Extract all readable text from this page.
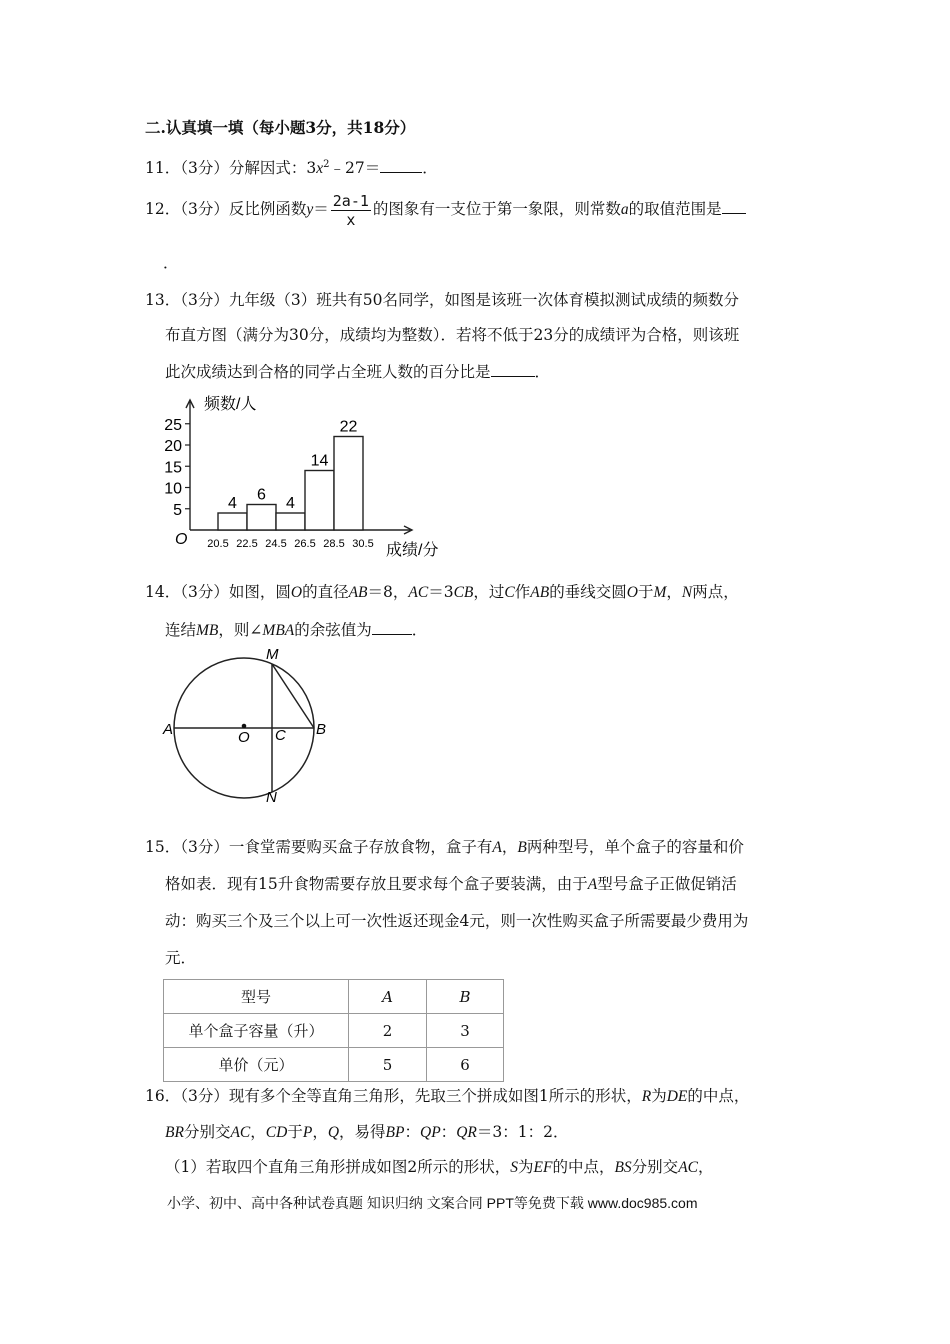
二.认真填一填（每小题3分，共18分）
11．（3分）分解因式：$3x^2﹣27=$	．
12．（3分）反比例函数$y= \frac{2a-1}{x}$ 的图象有一支位于第一象限，则常数a的取值范围是
．
13．（3分）九年级（3）班共有50名同学，如图是该班一次体育模拟测试成绩的频数分
布直方图（满分为30分，成绩均为整数）．若将不低于23分的成绩评为合格，则该班
此次成绩达到合格的同学占全班人数的百分比是	．
频数/人
成绩/分
O
5
10
15
20
25
20.5 22.5 24.5 26.5 28.5 30.5
4 6 4
14
22
14．（3分）如图，圆O的直径AB＝8，AC＝3CB，过C作AB的垂线交圆O于M，N两点，
连结MB，则∠MBA的余弦值为	．
M
A	O C B
N
15．（3分）一食堂需要购买盒子存放食物，盒子有A，B两种型号，单个盒子的容量和价
格如表．现有15升食物需要存放且要求每个盒子要装满，由于A型号盒子正做促销活
动：购买三个及三个以上可一次性返还现金4元，则一次性购买盒子所需要最少费用为
元．
型号	A	B
单个盒子容量（升）	2	3
单价（元）	5	6
16．（3分）现有多个全等直角三角形，先取三个拼成如图1所示的形状，R为DE的中点，
BR分别交AC，CD于P，Q，易得BP：QP：QR＝3：1：2．
（1）若取四个直角三角形拼成如图2所示的形状，S为EF的中点，BS分别交AC，
小学、初中、高中各种试卷真题 知识归纳 文案合同 PPT等免费下载 www.doc985.com
